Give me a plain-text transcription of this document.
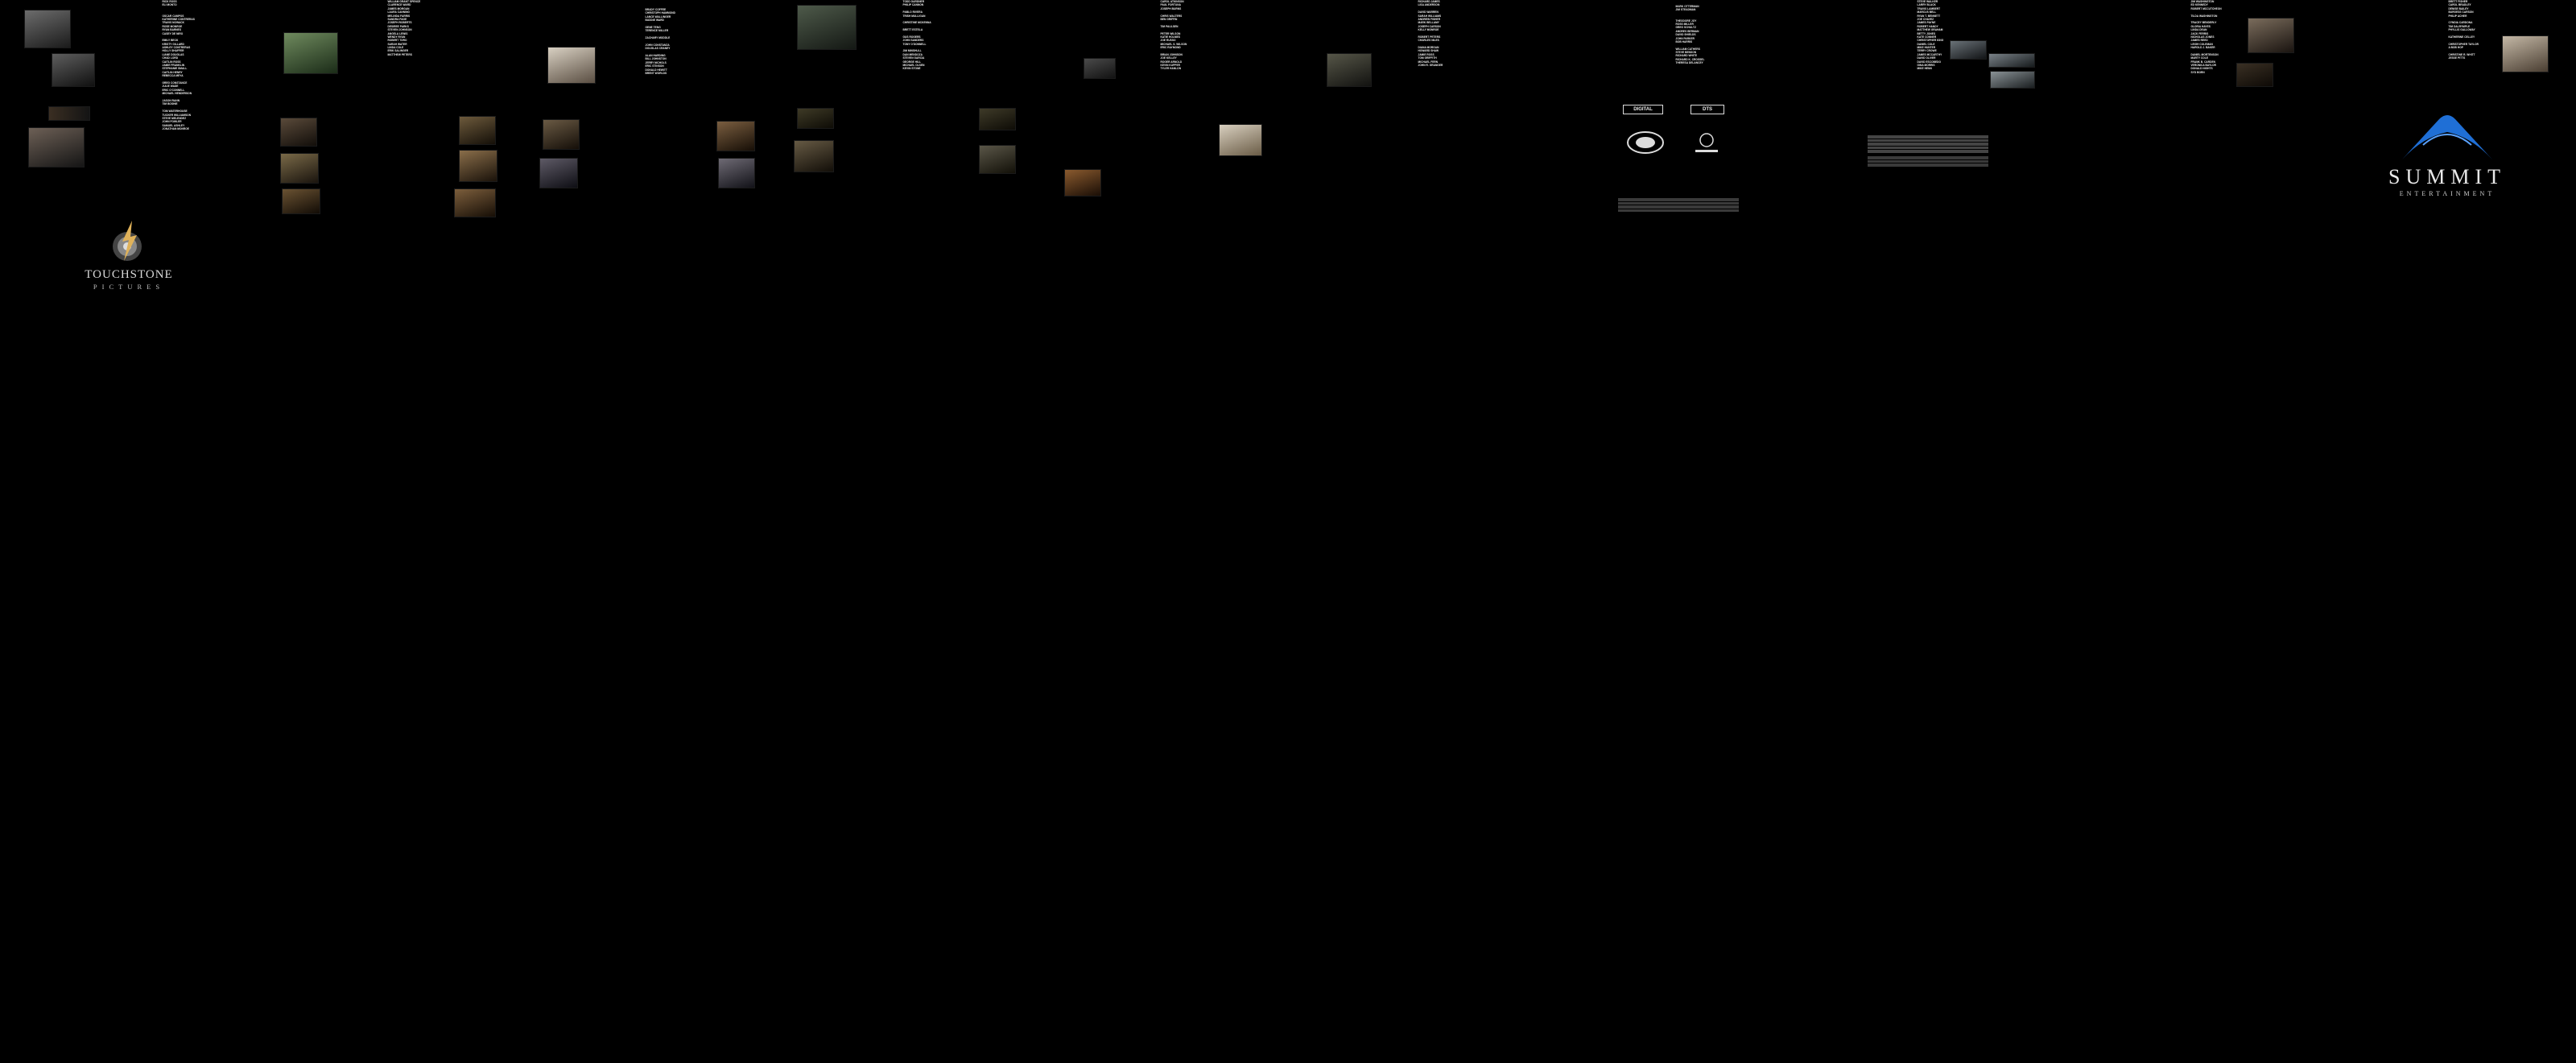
RICK ROSS
ELI MONTO
OSCAR CAMPOS
KATHERINE CONTRERAS
TRAVIS NOWACK
ROSE MONROE
RYAN BARNES
CASEY DE NIRO
EMILY BECK
KRISTY GILLARD
ASHLEY CONTRERAS
HOLLY SHAFFER
LIANE DOUGLAS
CHAD LORD
CAITLIN ROSS
JAMIE FRANKLIN
STEPHANIE SMALL
CAITLIN HENRY
REBECCA MEYA
GREG CONSTANCE
JULIE WADE
ERIC O'CONNELL
MICHAEL HENDERSON
JASON RANN
TIM BOSHIE
TOM WATERHOUSE
TUCKER WILLIAMSON
STEVE MELENDEZ
JOHN FOWLER
SAMUEL ASHLEY
JONATHAN MONROE
TOUCHSTONE
PICTURES
WILLIAM GRANT SPENCE
CLARENCE WARD
JAMES MORGAN
LAURA CANNING
MELINDA FARRIS
SANDRA PAGE
JOSEPH ROBERTS
DESIREE PARKS
STEVEN JOHNSON
ANGELA LEWIS
WENDY RYAN
ROBERT TORO
SARAH WATER
LINDA COLE
ERIK SALINGER
MATTHEW PETERS
BRADY COFFEE
CHRISTOPH HAMMOND
LANCE WALLINGER
BUDDIE WARD
GENE TENG
TERENCE MILLER
ZACHARY MODDLE
JOHN CONSTANZA
DOUGLAS CRANEY
ALAN HARDING
BILL JOHNSTON
JERRY NICHOLS
ERIC STINSON
DONALD HEWITT
BRENT WORLDS
TODD GARDNER
PHILIP CANNON
PABLO RIVERA
TRISH MULLIGAN
CHRISTINE MCKENNA
BRETT ESTELA
GUS ROGERS
JOHN SANDERS
TONY O'DONNELL
JIM MINSHULL
DAN MENDOZA
STEVEN GARCIA
GEORGE HILL
MICHAEL OLSEN
KEVIN STONE
CAROL ATKINSON
PAUL FORTUNA
JOSEPH BURNS
CHRIS WALTERS
BEN GRIFFIN
TIM PAULSEN
PETER WILSON
KATIE HOLMES
JOE RUSSO
MICHAEL S. WILSON
ERIC RAYMOND
BRIAN JOHNSON
JOE KELLEY
ROGER ARNOLD
KEVIN KUPPER
TYLER HANLON
RICHARD JAMES
LISA ANDERSON
DAVID WARREN
SARAH WILLIAMS
ANDREW FISHER
MARK BELLAMY
JOSEPH CARSON
KELLY MONROE
ROBERT PETERS
CHARLES NILES
DIANA MORGAN
HOWARD SHAW
JAMIE ROSS
TOM GRIFFITH
MICHAEL FERN
JOHN R. GRANGER
MARK OTTERMAN
JIM STEADMAN
THEODORE JOY
ROSS MILLER
GREG SCHULTZ
ANDRES BERMAN
DAVID SHIELDS
JOHN PARKER
BOB HARRIS
WILLIAM CATHERS
STEVE BENSON
RICHARD WHITE
RICHARD K. CROSSEL
THERESA DELANCEY
DIGITAL	DTS
STEVE WALKER
LARRY BLACK
TRAVIS LAMBERT
MARCUS BELL
RYAN T. BENNETT
JOE CHAVEZ
JAMES PAYNE
ROBERT HANDY
MATTHEW GRAHAM
BETTY JONES
KATE CONNER
CHRISTOPHER KING
DANIEL COLE
MIKE HUNTER
TERRY CROWE
JAMES MCCARTHY
DAVID OLIVER
DAVID ESCOBEDO
GINA MORRIS
MIKE HENN
JIM WASHINGTON
ED KENNEDY
ROBERT MCCUTCHEON
TILDA WASHINGTON
TRACEY BENDERLY
GLORIA HAYES
LINDA DEAN
JACK FERRIS
NICHOLAS JONES
JAMES REED
LEIGH COLEMAN
HAROLD J. BAKER
DANIEL MORTENSON
MARTY COLE
FRANK B. CARDEN
VERONICA BAYLOR
DONALD NIGHTS
SYD BORN
BRETT FISHER
CAROL BRADLEY
DENISE BAILEY
BURGESS CARSON
PHILIP ACHER
CYNDIA CARDONA
TIM DALRYMPLE
PHYLLIS GALLOWAY
KATHERINE CELLEY
CHRISTOPHER TAYLOR
A BOB HOP
CHRISTINE R. WHITT
JESSE PITTS
SUMMIT
ENTERTAINMENT
